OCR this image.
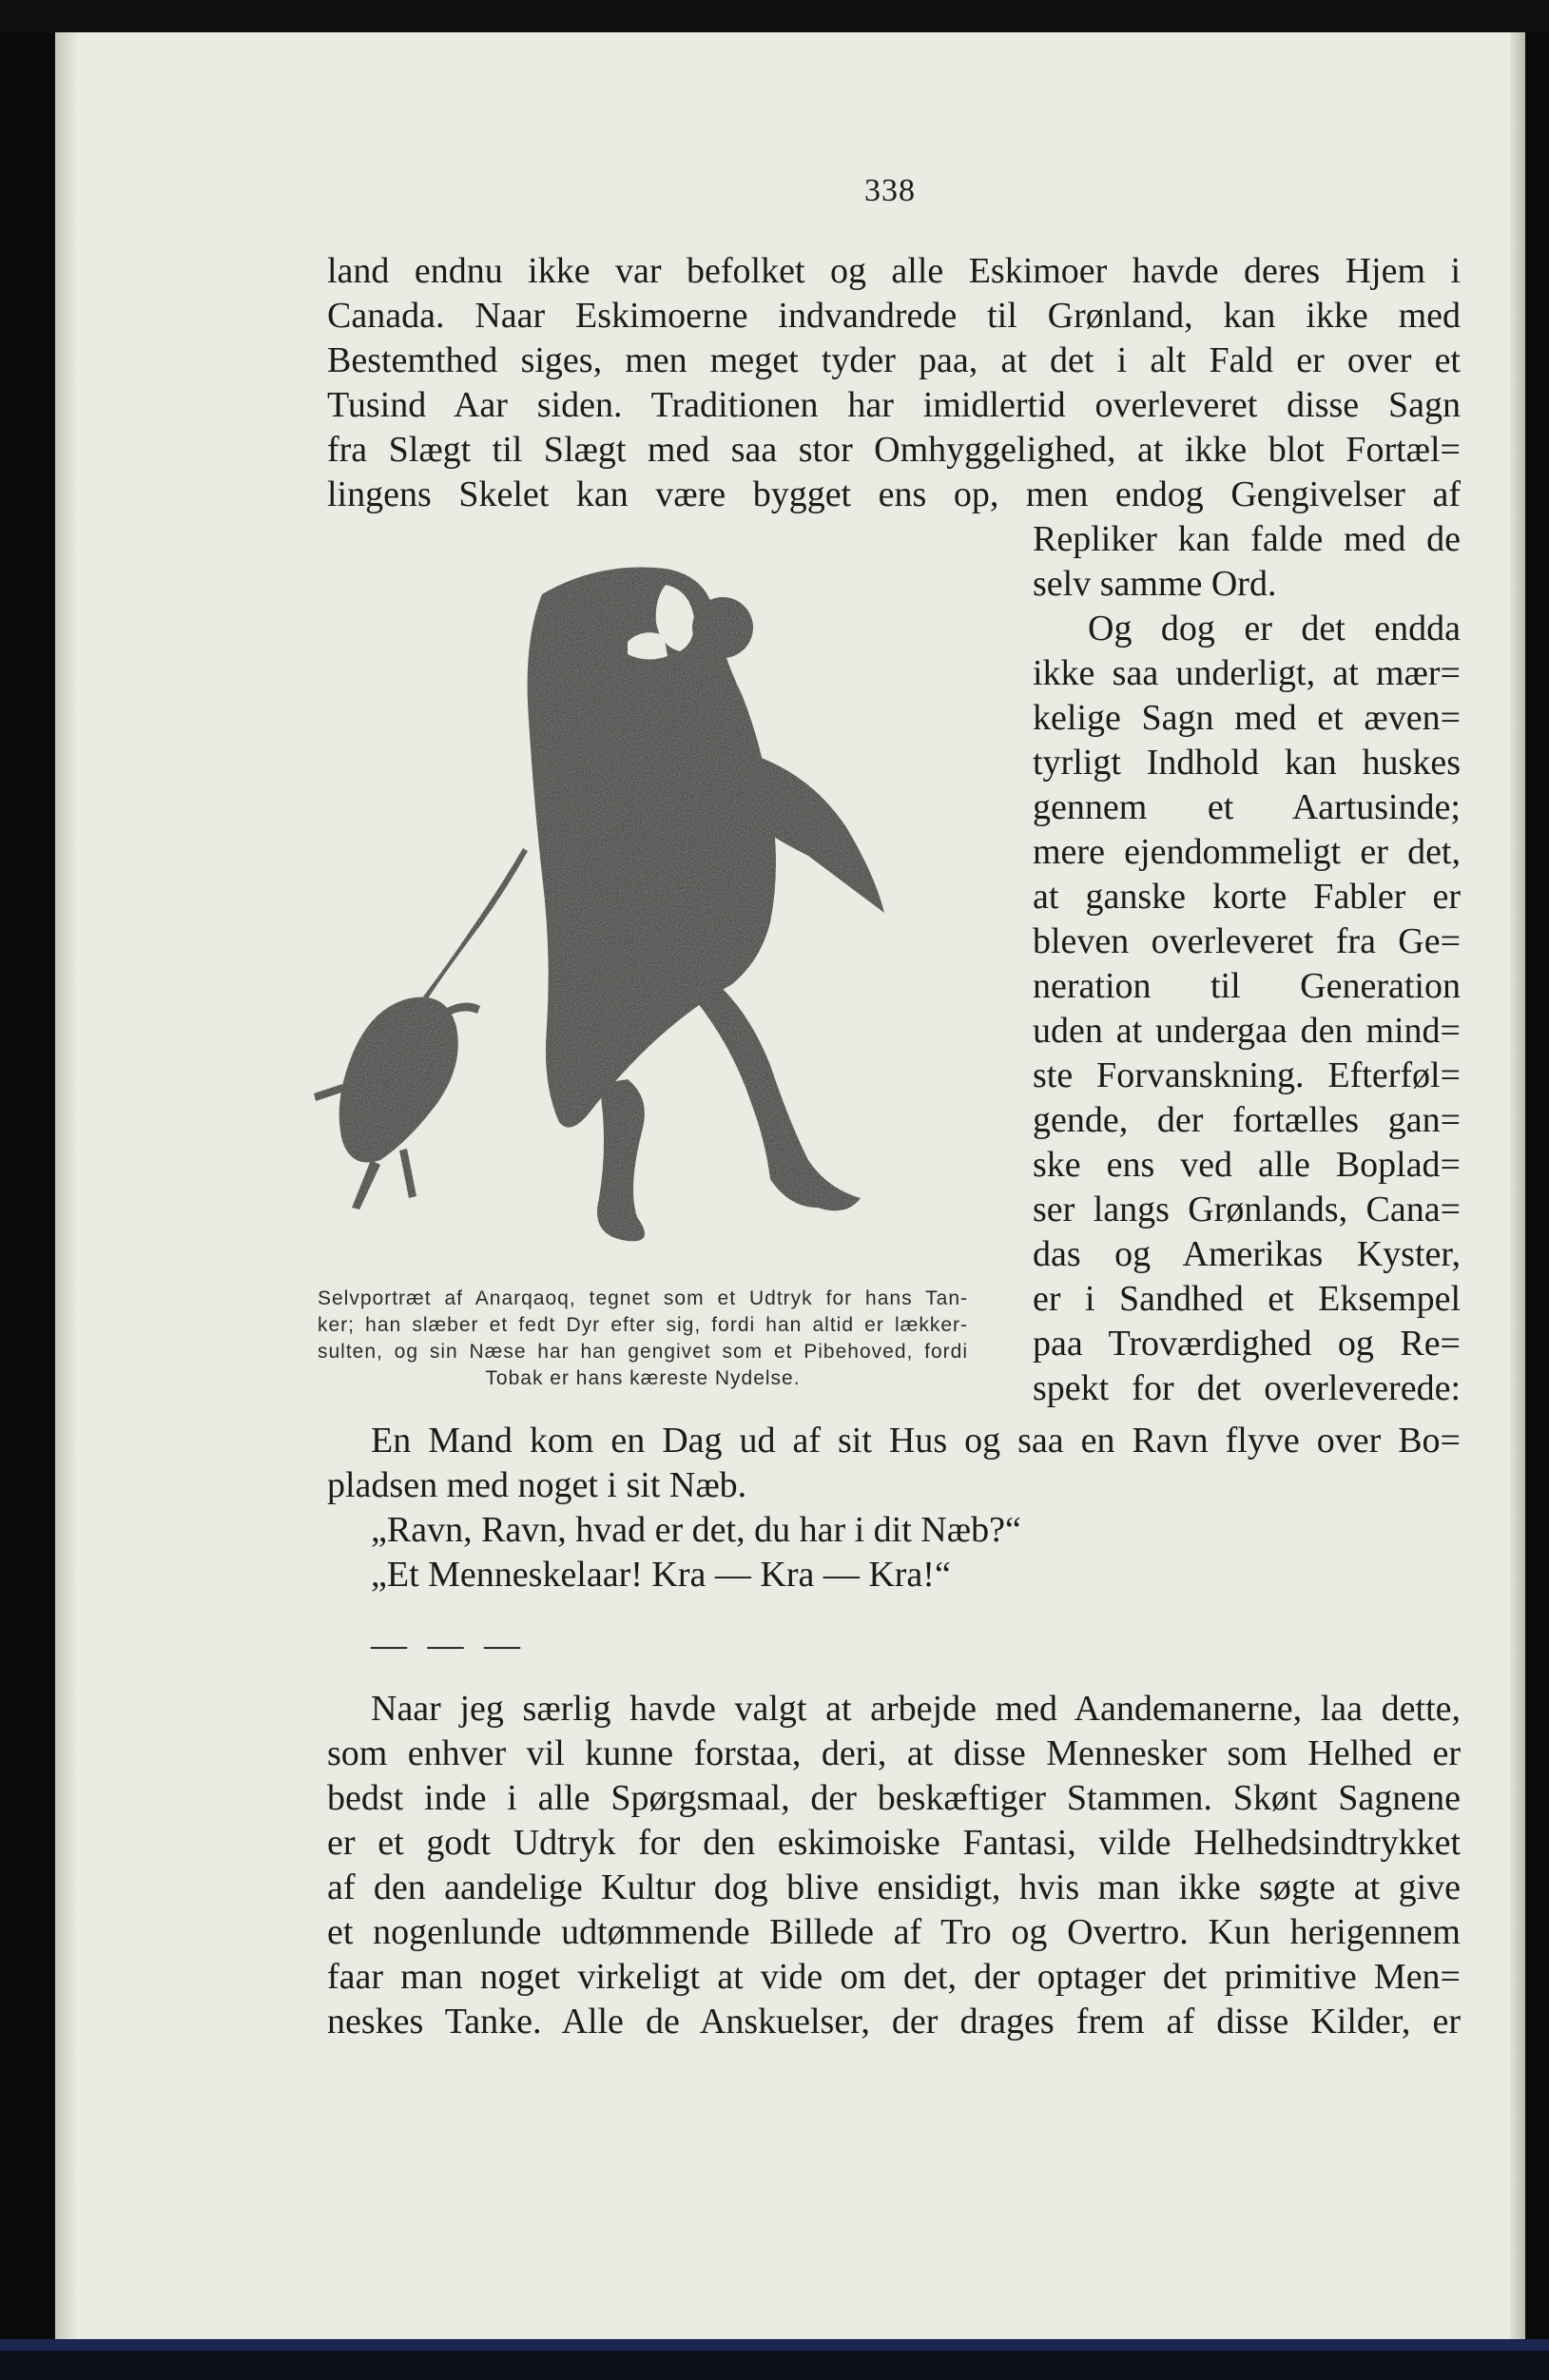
338
land endnu ikke var befolket og alle Eskimoer havde deres Hjem i
Canada. Naar Eskimoerne indvandrede til Grønland, kan ikke med
Bestemthed siges, men meget tyder paa, at det i alt Fald er over et
Tusind Aar siden. Traditionen har imidlertid overleveret disse Sagn
fra Slægt til Slægt med saa stor Omhyggelighed, at ikke blot Fortæl=
lingens Skelet kan være bygget ens op, men endog Gengivelser af
Repliker kan falde med de
selv samme Ord.
Og dog er det endda
ikke saa underligt, at mær=
kelige Sagn med et æven=
tyrligt Indhold kan huskes
gennem et Aartusinde;
mere ejendommeligt er det,
at ganske korte Fabler er
bleven overleveret fra Ge=
neration til Generation
uden at undergaa den mind=
ste Forvanskning. Efterføl=
gende, der fortælles gan=
ske ens ved alle Boplad=
ser langs Grønlands, Cana=
das og Amerikas Kyster,
er i Sandhed et Eksempel
paa Troværdighed og Re=
spekt for det overleverede:
Selvportræt af Anarqaoq, tegnet som et Udtryk for hans Tan-
ker; han slæber et fedt Dyr efter sig, fordi han altid er lækker-
sulten, og sin Næse har han gengivet som et Pibehoved, fordi
Tobak er hans kæreste Nydelse.
En Mand kom en Dag ud af sit Hus og saa en Ravn flyve over Bo=
pladsen med noget i sit Næb.
„Ravn, Ravn, hvad er det, du har i dit Næb?“
„Et Menneskelaar! Kra — Kra — Kra!“
— — —
Naar jeg særlig havde valgt at arbejde med Aandemanerne, laa dette,
som enhver vil kunne forstaa, deri, at disse Mennesker som Helhed er
bedst inde i alle Spørgsmaal, der beskæftiger Stammen. Skønt Sagnene
er et godt Udtryk for den eskimoiske Fantasi, vilde Helhedsindtrykket
af den aandelige Kultur dog blive ensidigt, hvis man ikke søgte at give
et nogenlunde udtømmende Billede af Tro og Overtro. Kun herigennem
faar man noget virkeligt at vide om det, der optager det primitive Men=
neskes Tanke. Alle de Anskuelser, der drages frem af disse Kilder, er
